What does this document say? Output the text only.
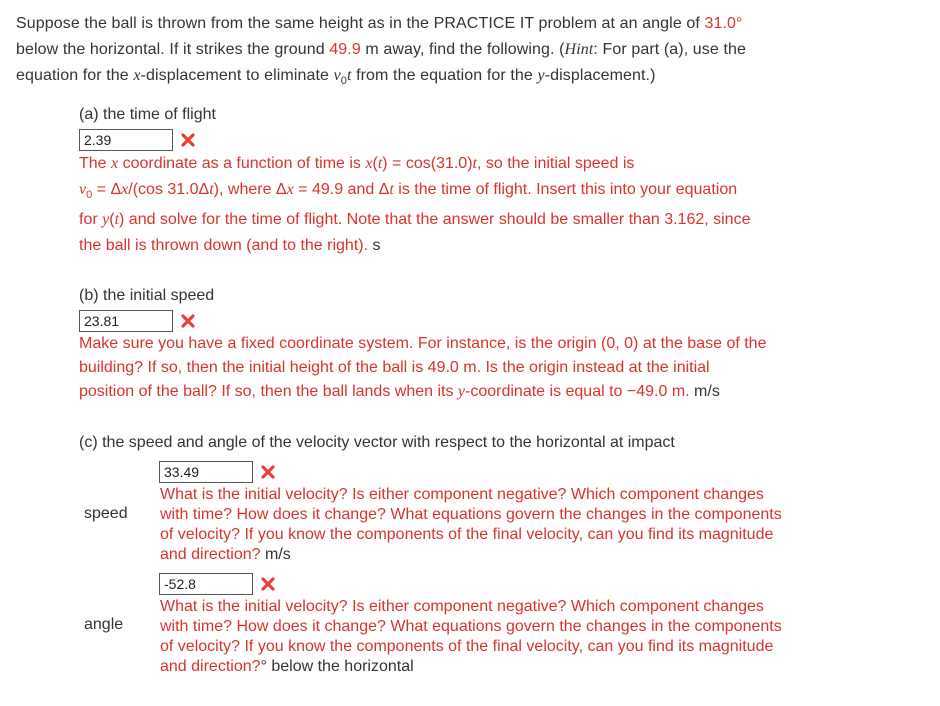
Suppose the ball is thrown from the same height as in the PRACTICE IT problem at an angle of 31.0°
below the horizontal. If it strikes the ground 49.9 m away, find the following. (Hint: For part (a), use the
equation for the x-displacement to eliminate $v_0t$ from the equation for the y-displacement.)
(a) the time of flight
2.39
The x coordinate as a function of time is x(t) = cos(31.0)t, so the initial speed is
$v_0 = \Delta x/(\cos$ 31.0Δt), where Δx = 49.9 and Δt is the time of flight. Insert this into your equation
for y(t) and solve for the time of flight. Note that the answer should be smaller than 3.162, since
the ball is thrown down (and to the right). s
(b) the initial speed
23.81
Make sure you have a fixed coordinate system. For instance, is the origin (0, 0) at the base of the
building? If so, then the initial height of the ball is 49.0 m. Is the origin instead at the initial
position of the ball? If so, then the ball lands when its y-coordinate is equal to −49.0 m. m/s
(c) the speed and angle of the velocity vector with respect to the horizontal at impact
33.49
speed
What is the initial velocity? Is either component negative? Which component changes
with time? How does it change? What equations govern the changes in the components
of velocity? If you know the components of the final velocity, can you find its magnitude
and direction? m/s
-52.8
angle
What is the initial velocity? Is either component negative? Which component changes
with time? How does it change? What equations govern the changes in the components
of velocity? If you know the components of the final velocity, can you find its magnitude
and direction?° below the horizontal
